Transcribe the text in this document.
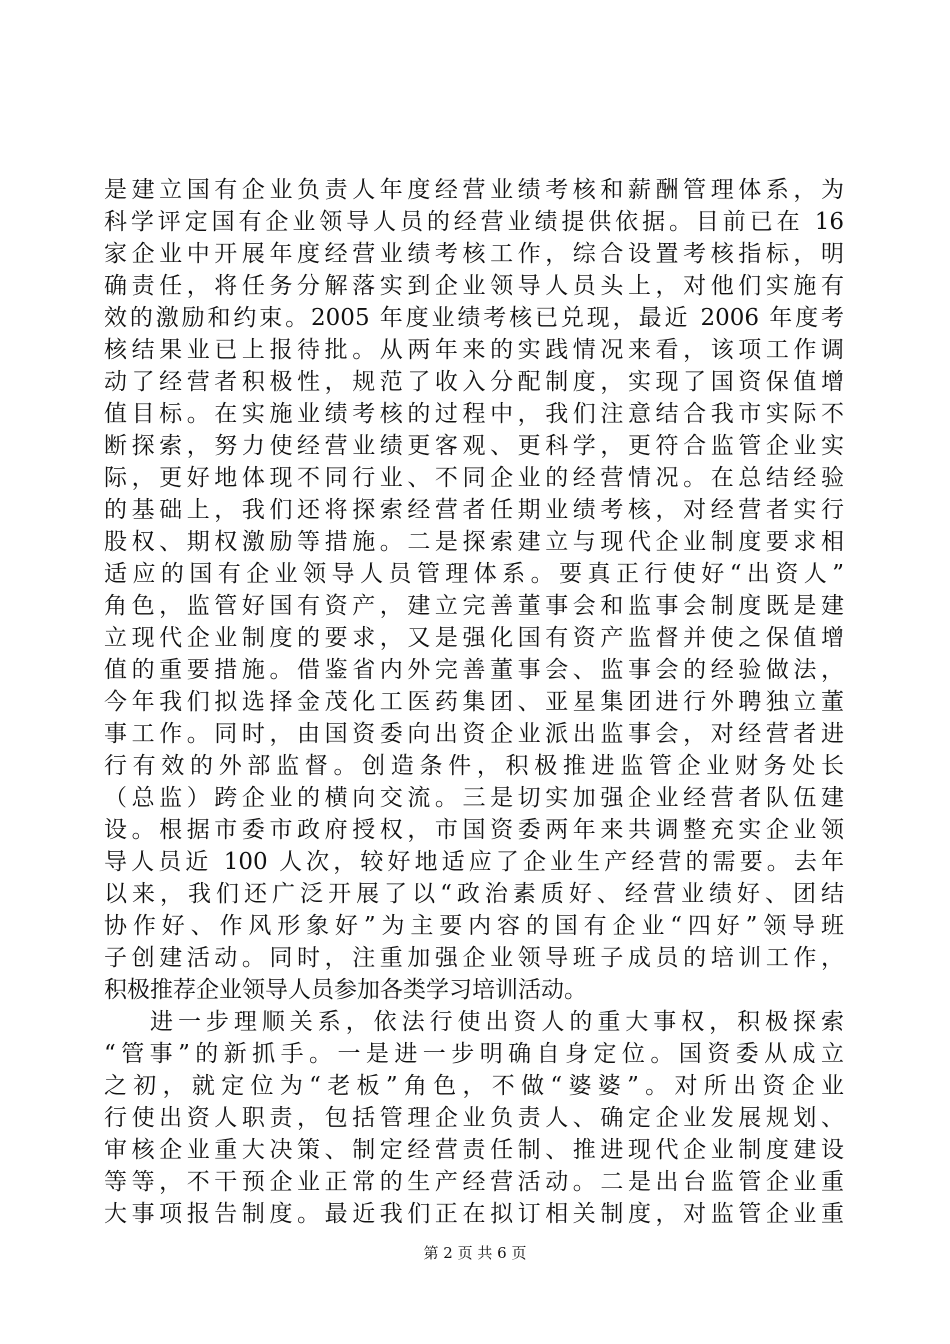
是建立国有企业负责人年度经营业绩考核和薪酬管理体系，为
科学评定国有企业领导人员的经营业绩提供依据。目前已在 16
家企业中开展年度经营业绩考核工作，综合设置考核指标，明
确责任，将任务分解落实到企业领导人员头上，对他们实施有
效的激励和约束。2005 年度业绩考核已兑现，最近 2006 年度考
核结果业已上报待批。从两年来的实践情况来看，该项工作调
动了经营者积极性，规范了收入分配制度，实现了国资保值增
值目标。在实施业绩考核的过程中，我们注意结合我市实际不
断探索，努力使经营业绩更客观、更科学，更符合监管企业实
际，更好地体现不同行业、不同企业的经营情况。在总结经验
的基础上，我们还将探索经营者任期业绩考核，对经营者实行
股权、期权激励等措施。二是探索建立与现代企业制度要求相
适应的国有企业领导人员管理体系。要真正行使好“出资人”
角色，监管好国有资产，建立完善董事会和监事会制度既是建
立现代企业制度的要求，又是强化国有资产监督并使之保值增
值的重要措施。借鉴省内外完善董事会、监事会的经验做法，
今年我们拟选择金茂化工医药集团、亚星集团进行外聘独立董
事工作。同时，由国资委向出资企业派出监事会，对经营者进
行有效的外部监督。创造条件，积极推进监管企业财务处长
（总监）跨企业的横向交流。三是切实加强企业经营者队伍建
设。根据市委市政府授权，市国资委两年来共调整充实企业领
导人员近 100 人次，较好地适应了企业生产经营的需要。去年
以来，我们还广泛开展了以“政治素质好、经营业绩好、团结
协作好、作风形象好”为主要内容的国有企业“四好”领导班
子创建活动。同时，注重加强企业领导班子成员的培训工作，
积极推荐企业领导人员参加各类学习培训活动。
进一步理顺关系，依法行使出资人的重大事权，积极探索
“管事”的新抓手。一是进一步明确自身定位。国资委从成立
之初，就定位为“老板”角色，不做“婆婆”。对所出资企业
行使出资人职责，包括管理企业负责人、确定企业发展规划、
审核企业重大决策、制定经营责任制、推进现代企业制度建设
等等，不干预企业正常的生产经营活动。二是出台监管企业重
大事项报告制度。最近我们正在拟订相关制度，对监管企业重
第 2 页 共 6 页
